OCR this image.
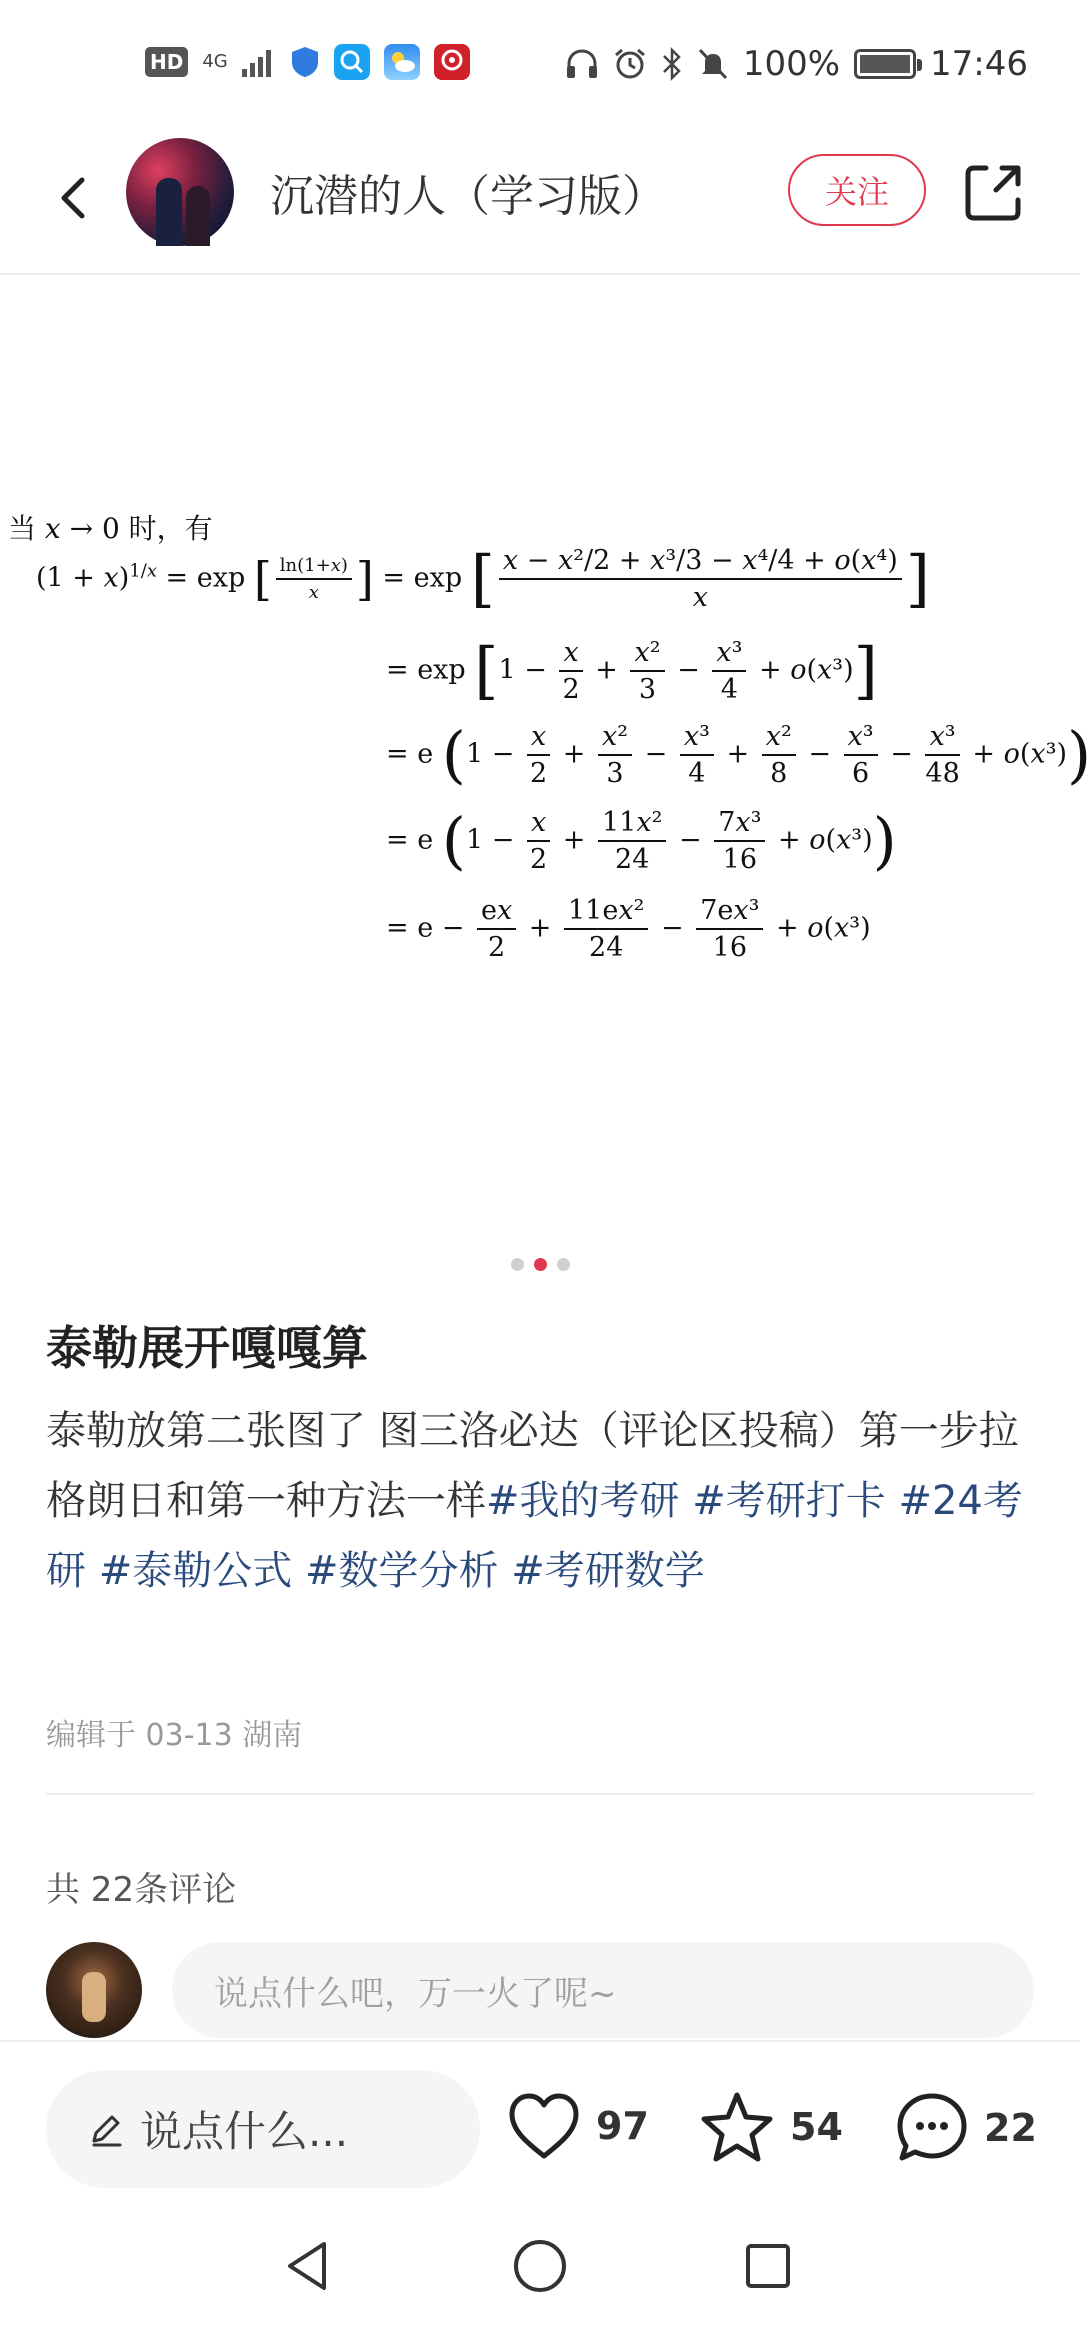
HD 4G	100%	17:46
沉潜的人（学习版）	关注
当 x → 0 时，有
$(1 + x)^{1/x} = \exp$ [ $\frac{\ln(1+x)}{x}$ ] = exp [ $\frac{\text{x − x²/2 + x³/3 − x⁴/4 + o(x⁴)}}{x}$ ]
= $\exp [1 - \frac{x}{2} + \frac{\text{x²}}{3} - \frac{\text{x³}}{4} + o(x^3)]$
= e $(1 - \frac{x}{2} + \frac{\text{x²}}{3} - \frac{\text{x³}}{4} + \frac{\text{x²}}{8} - \frac{\text{x³}}{6} - \frac{\text{x³}}{48} + o(x^3))$
= e $(1 - \frac{x}{2} + \frac{\text{11x²}}{24} - \frac{\text{7x³}}{16} + o(x^3))$
= $e - \frac{ex}{2} + \frac{\text{11ex²}}{24} - \frac{\text{7ex³}}{16} + o(x^3)$
泰勒展开嘎嘎算
泰勒放第二张图了 图三洛必达（评论区投稿）第一步拉格朗日和第一种方法一样#我的考研 #考研打卡 #24考研 #泰勒公式 #数学分析 #考研数学
编辑于 03-13 湖南
共 22条评论
说点什么吧，万一火了呢~
说点什么...	97	54	22
